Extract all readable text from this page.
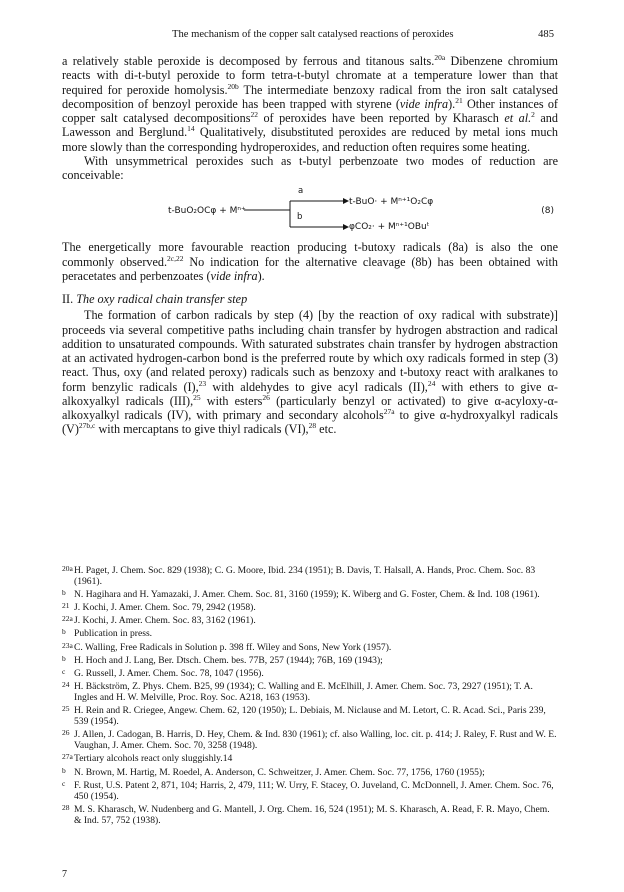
The mechanism of the copper salt catalysed reactions of peroxides	485

a relatively stable peroxide is decomposed by ferrous and titanous salts.$^{20a}$ Dibenzene chromium reacts with di-t-butyl peroxide to form tetra-t-butyl chromate at a temperature lower than that required for peroxide homolysis.$^{20b}$ The intermediate benzoxy radical from the iron salt catalysed decomposition of benzoyl peroxide has been trapped with styrene (vide infra).$^{21}$ Other instances of copper salt catalysed decompositions$^{22}$ of peroxides have been reported by Kharasch et al.$^2$ and Lawesson and Berglund.$^{14}$ Qualitatively, disubstituted peroxides are reduced by metal ions much more slowly than the corresponding hydroperoxides, and reduction often requires some heating.

With unsymmetrical peroxides such as t-butyl perbenzoate two modes of reduction are conceivable:

t-BuO₂OCφ + Mⁿ⁺
a
b
t-BuO· + Mⁿ⁺¹O₂Cφ
φCO₂· + Mⁿ⁺¹OBuᵗ
(8)

The energetically more favourable reaction producing t-butoxy radicals (8a) is also the one commonly observed.$^{2c,22}$ No indication for the alternative cleavage (8b) has been obtained with peracetates and perbenzoates (vide infra).

II. The oxy radical chain transfer step

The formation of carbon radicals by step (4) [by the reaction of oxy radical with substrate)] proceeds via several competitive paths including chain transfer by hydrogen abstraction and radical addition to unsaturated compounds. With saturated substrates chain transfer by hydrogen abstraction at an activated hydrogen-carbon bond is the preferred route by which oxy radicals formed in step (3) react. Thus, oxy (and related peroxy) radicals such as benzoxy and t-butoxy react with aralkanes to form benzylic radicals (I),$^{23}$ with aldehydes to give acyl radicals (II),$^{24}$ with ethers to give α-alkoxyalkyl radicals (III),$^{25}$ with esters$^{26}$ (particularly benzyl or activated) to give α-acyloxy-α-alkoxyalkyl radicals (IV), with primary and secondary alcohols$^{27a}$ to give α-hydroxyalkyl radicals $(V)^{27b,c}$ with mercaptans to give thiyl radicals (VI),$^{28}$ etc.

20aH. Paget, J. Chem. Soc. 829 (1938); C. G. Moore, Ibid. 234 (1951); B. Davis, T. Halsall, A. Hands, Proc. Chem. Soc. 83 (1961).

b N. Hagihara and H. Yamazaki, J. Amer. Chem. Soc. 81, 3160 (1959); K. Wiberg and G. Foster, Chem. & Ind. 108 (1961).

21 J. Kochi, J. Amer. Chem. Soc. 79, 2942 (1958).

22aJ. Kochi, J. Amer. Chem. Soc. 83, 3162 (1961).

b Publication in press.

23aC. Walling, Free Radicals in Solution p. 398 ff. Wiley and Sons, New York (1957).

b H. Hoch and J. Lang, Ber. Dtsch. Chem. bes. 77B, 257 (1944); 76B, 169 (1943);

c G. Russell, J. Amer. Chem. Soc. 78, 1047 (1956).

24 H. Bäckström, Z. Phys. Chem. B25, 99 (1934); C. Walling and E. McElhill, J. Amer. Chem. Soc. 73, 2927 (1951); T. A. Ingles and H. W. Melville, Proc. Roy. Soc. A218, 163 (1953).

25 H. Rein and R. Criegee, Angew. Chem. 62, 120 (1950); L. Debiais, M. Niclause and M. Letort, C. R. Acad. Sci., Paris 239, 539 (1954).

26 J. Allen, J. Cadogan, B. Harris, D. Hey, Chem. & Ind. 830 (1961); cf. also Walling, loc. cit. p. 414; J. Raley, F. Rust and W. E. Vaughan, J. Amer. Chem. Soc. 70, 3258 (1948).

27aTertiary alcohols react only sluggishly.14

b N. Brown, M. Hartig, M. Roedel, A. Anderson, C. Schweitzer, J. Amer. Chem. Soc. 77, 1756, 1760 (1955);

c F. Rust, U.S. Patent 2, 871, 104; Harris, 2, 479, 111; W. Urry, F. Stacey, O. Juveland, C. McDonnell, J. Amer. Chem. Soc. 76, 450 (1954).

28 M. S. Kharasch, W. Nudenberg and G. Mantell, J. Org. Chem. 16, 524 (1951); M. S. Kharasch, A. Read, F. R. Mayo, Chem. & Ind. 57, 752 (1938).

7
